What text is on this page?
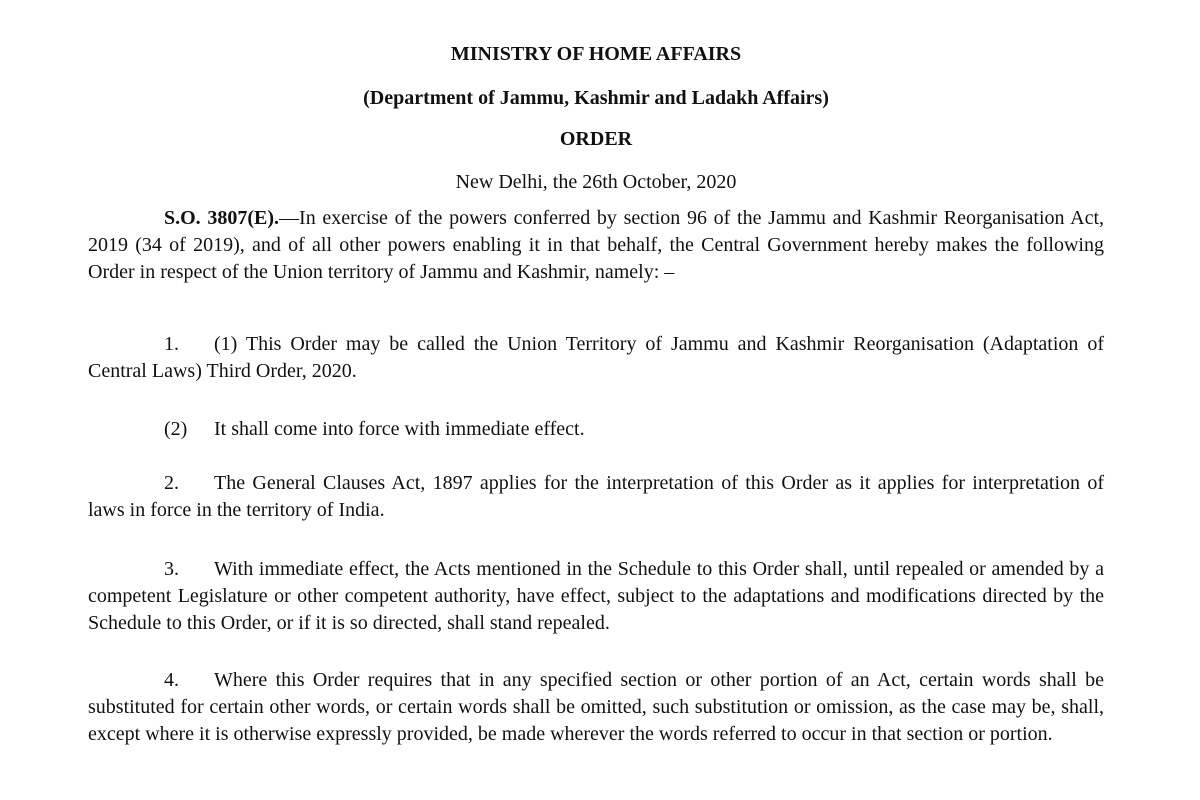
MINISTRY OF HOME AFFAIRS
(Department of Jammu, Kashmir and Ladakh Affairs)
ORDER
New Delhi, the 26th October, 2020

S.O. 3807(E).—In exercise of the powers conferred by section 96 of the Jammu and Kashmir Reorganisation Act, 2019 (34 of 2019), and of all other powers enabling it in that behalf, the Central Government hereby makes the following Order in respect of the Union territory of Jammu and Kashmir, namely: –

1. (1) This Order may be called the Union Territory of Jammu and Kashmir Reorganisation (Adaptation of Central Laws) Third Order, 2020.

(2) It shall come into force with immediate effect.

2. The General Clauses Act, 1897 applies for the interpretation of this Order as it applies for interpretation of laws in force in the territory of India.

3. With immediate effect, the Acts mentioned in the Schedule to this Order shall, until repealed or amended by a competent Legislature or other competent authority, have effect, subject to the adaptations and modifications directed by the Schedule to this Order, or if it is so directed, shall stand repealed.

4. Where this Order requires that in any specified section or other portion of an Act, certain words shall be substituted for certain other words, or certain words shall be omitted, such substitution or omission, as the case may be, shall, except where it is otherwise expressly provided, be made wherever the words referred to occur in that section or portion.
